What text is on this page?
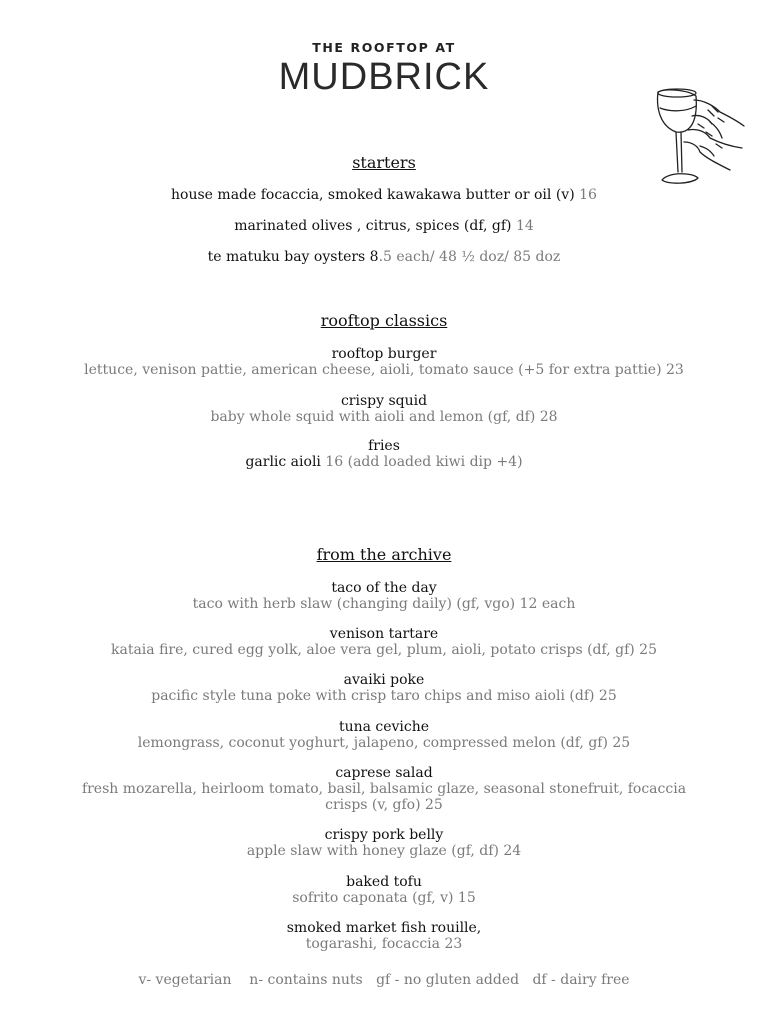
THE ROOFTOP AT
MUDBRICK
starters
house made focaccia, smoked kawakawa butter or oil (v) 16
marinated olives , citrus, spices (df, gf) 14
te matuku bay oysters 8.5 each/ 48 ½ doz/ 85 doz
rooftop classics
rooftop burger
lettuce, venison pattie, american cheese, aioli, tomato sauce (+5 for extra pattie) 23
crispy squid
baby whole squid with aioli and lemon (gf, df) 28
fries
garlic aioli 16 (add loaded kiwi dip +4)
from the archive
taco of the day
taco with herb slaw (changing daily) (gf, vgo) 12 each
venison tartare
kataia fire, cured egg yolk, aloe vera gel, plum, aioli, potato crisps (df, gf) 25
avaiki poke
pacific style tuna poke with crisp taro chips and miso aioli (df) 25
tuna ceviche
lemongrass, coconut yoghurt, jalapeno, compressed melon (df, gf) 25
caprese salad
fresh mozarella, heirloom tomato, basil, balsamic glaze, seasonal stonefruit, focaccia
crisps (v, gfo) 25
crispy pork belly
apple slaw with honey glaze (gf, df) 24
baked tofu
sofrito caponata (gf, v) 15
smoked market fish rouille,
togarashi, focaccia 23
v- vegetarian    n- contains nuts   gf - no gluten added   df - dairy free
